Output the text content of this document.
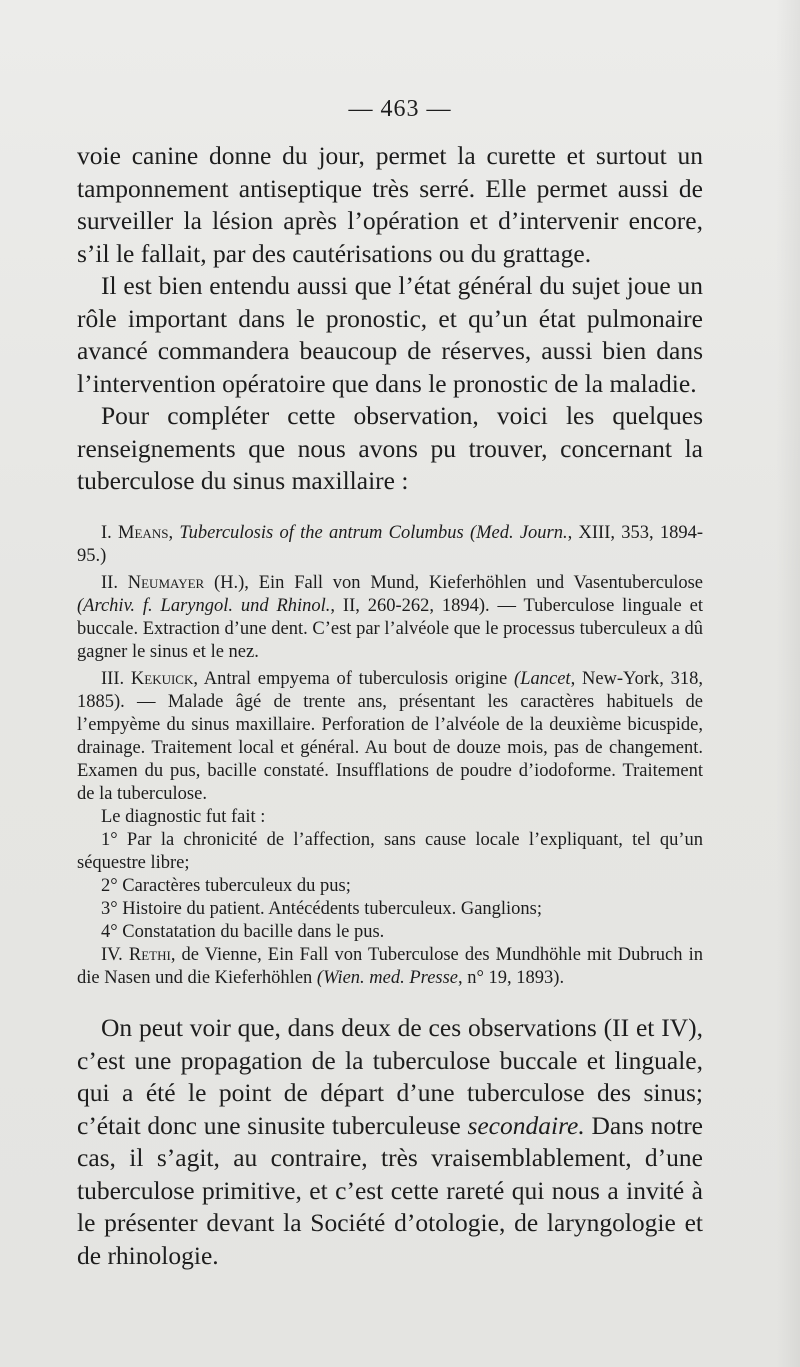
— 463 —

voie canine donne du jour, permet la curette et surtout un tamponnement antiseptique très serré. Elle permet aussi de surveiller la lésion après l’opération et d’intervenir encore, s’il le fallait, par des cautérisations ou du grattage.

Il est bien entendu aussi que l’état général du sujet joue un rôle important dans le pronostic, et qu’un état pulmonaire avancé commandera beaucoup de réserves, aussi bien dans l’intervention opératoire que dans le pronostic de la maladie.

Pour compléter cette observation, voici les quelques renseignements que nous avons pu trouver, concernant la tuberculose du sinus maxillaire :

I. Means, Tuberculosis of the antrum Columbus (Med. Journ., XIII, 353, 1894-95.)

II. Neumayer (H.), Ein Fall von Mund, Kieferhöhlen und Vasentuberculose (Archiv. f. Laryngol. und Rhinol., II, 260-262, 1894). — Tuberculose linguale et buccale. Extraction d’une dent. C’est par l’alvéole que le processus tuberculeux a dû gagner le sinus et le nez.

III. Kekuick, Antral empyema of tuberculosis origine (Lancet, New-York, 318, 1885). — Malade âgé de trente ans, présentant les caractères habituels de l’empyème du sinus maxillaire. Perforation de l’alvéole de la deuxième bicuspide, drainage. Traitement local et général. Au bout de douze mois, pas de changement. Examen du pus, bacille constaté. Insufflations de poudre d’iodoforme. Traitement de la tuberculose.

Le diagnostic fut fait :

1° Par la chronicité de l’affection, sans cause locale l’expliquant, tel qu’un séquestre libre;

2° Caractères tuberculeux du pus;

3° Histoire du patient. Antécédents tuberculeux. Ganglions;

4° Constatation du bacille dans le pus.

IV. Rethi, de Vienne, Ein Fall von Tuberculose des Mundhöhle mit Dubruch in die Nasen und die Kieferhöhlen (Wien. med. Presse, n° 19, 1893).

On peut voir que, dans deux de ces observations (II et IV), c’est une propagation de la tuberculose buccale et linguale, qui a été le point de départ d’une tuberculose des sinus; c’était donc une sinusite tuberculeuse secondaire. Dans notre cas, il s’agit, au contraire, très vraisemblablement, d’une tuberculose primitive, et c’est cette rareté qui nous a invité à le présenter devant la Société d’otologie, de laryngologie et de rhinologie.
